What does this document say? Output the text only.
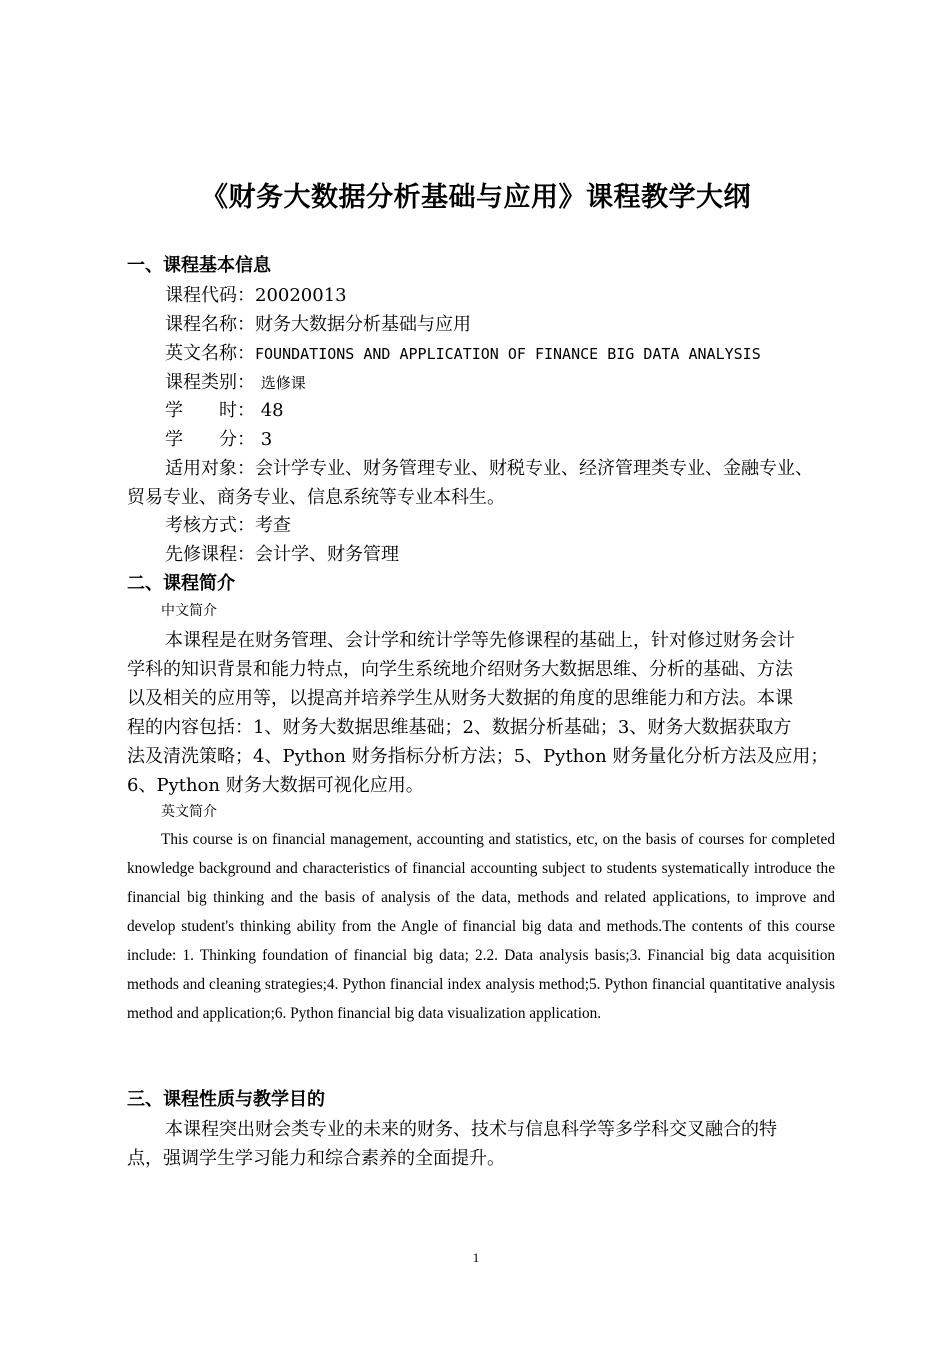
《财务大数据分析基础与应用》课程教学大纲
一、课程基本信息
课程代码：20020013
课程名称：财务大数据分析基础与应用
英文名称：FOUNDATIONS AND APPLICATION OF FINANCE BIG DATA ANALYSIS
课程类别： 选修课
学 时： 48
学 分： 3
适用对象：会计学专业、财务管理专业、财税专业、经济管理类专业、金融专业、
贸易专业、商务专业、信息系统等专业本科生。
考核方式：考查
先修课程：会计学、财务管理
二、课程简介
中文简介
本课程是在财务管理、会计学和统计学等先修课程的基础上，针对修过财务会计
学科的知识背景和能力特点，向学生系统地介绍财务大数据思维、分析的基础、方法
以及相关的应用等，以提高并培养学生从财务大数据的角度的思维能力和方法。本课
程的内容包括：1、财务大数据思维基础；2、数据分析基础；3、财务大数据获取方
法及清洗策略；4、Python 财务指标分析方法；5、Python 财务量化分析方法及应用；
6、Python 财务大数据可视化应用。
英文简介
This course is on financial management, accounting and statistics, etc, on the basis of courses for completed knowledge background and characteristics of financial accounting subject to students systematically introduce the financial big thinking and the basis of analysis of the data, methods and related applications, to improve and develop student's thinking ability from the Angle of financial big data and methods.The contents of this course include: 1. Thinking foundation of financial big data; 2.2. Data analysis basis;3. Financial big data acquisition methods and cleaning strategies;4. Python financial index analysis method;5. Python financial quantitative analysis method and application;6. Python financial big data visualization application.
三、课程性质与教学目的
本课程突出财会类专业的未来的财务、技术与信息科学等多学科交叉融合的特
点，强调学生学习能力和综合素养的全面提升。
1
